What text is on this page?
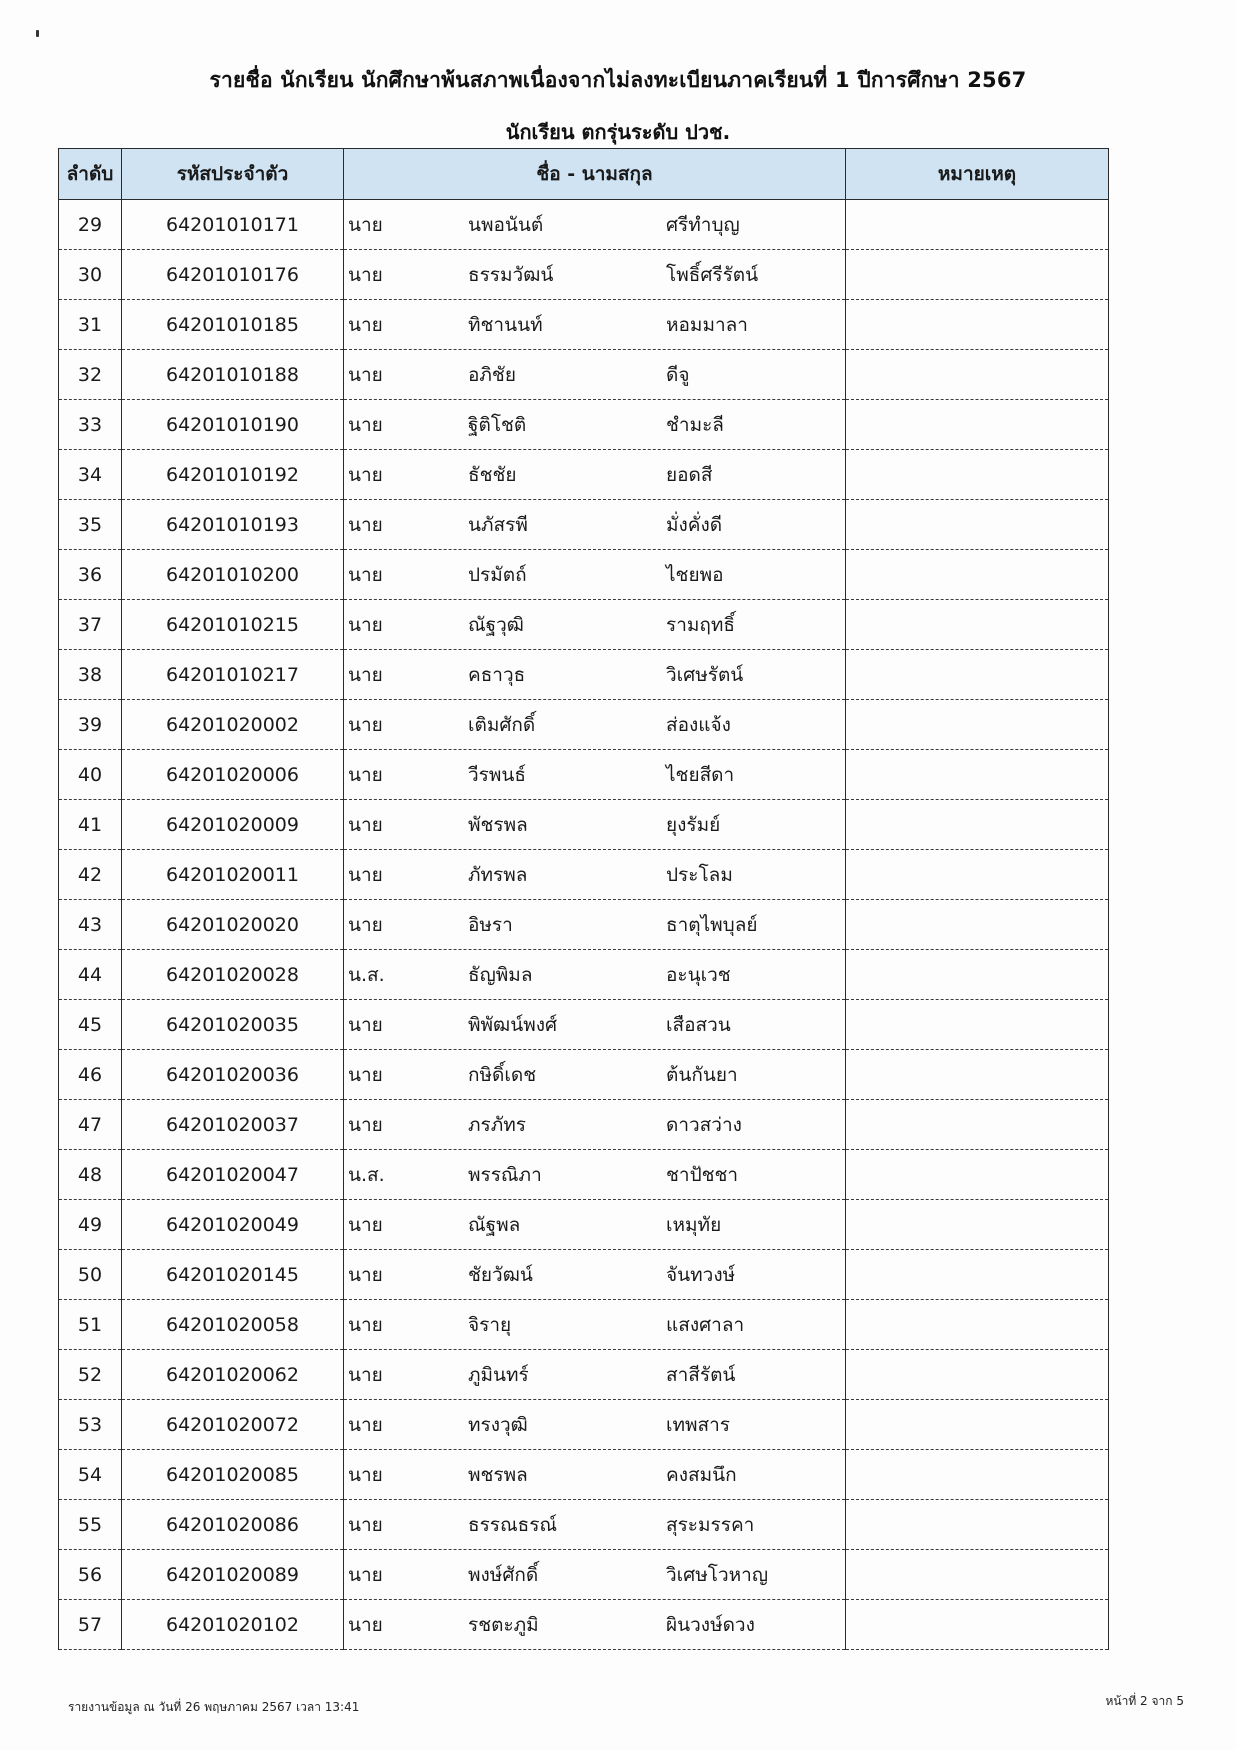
รายชื่อ นักเรียน นักศึกษาพ้นสภาพเนื่องจากไม่ลงทะเบียนภาคเรียนที่ 1 ปีการศึกษา 2567
นักเรียน ตกรุ่นระดับ ปวช.
ลำดับ	รหัสประจำตัว	ชื่อ - นามสกุล	หมายเหตุ
29	64201010171	นาย นพอนันต์ ศรีทำบุญ	

30	64201010176	นาย ธรรมวัฒน์ โพธิ์ศรีรัตน์	

31	64201010185	นาย ทิชานนท์ หอมมาลา	

32	64201010188	นาย อภิชัย ดีจู	

33	64201010190	นาย ฐิติโชติ ชำมะลี	

34	64201010192	นาย ธัชชัย ยอดสี	

35	64201010193	นาย นภัสรพี มั่งคั่งดี	

36	64201010200	นาย ปรมัตถ์ ไชยพอ	

37	64201010215	นาย ณัฐวุฒิ รามฤทธิ์	

38	64201010217	นาย คธาวุธ วิเศษรัตน์	

39	64201020002	นาย เติมศักดิ์ ส่องแจ้ง	

40	64201020006	นาย วีรพนธ์ ไชยสีดา	

41	64201020009	นาย พัชรพล ยุงรัมย์	

42	64201020011	นาย ภัทรพล ประโลม	

43	64201020020	นาย อิษรา ธาตุไพบุลย์	

44	64201020028	น.ส. ธัญพิมล อะนุเวช	

45	64201020035	นาย พิพัฒน์พงศ์ เสือสวน	

46	64201020036	นาย กษิดิ์เดช ต้นกันยา	

47	64201020037	นาย ภรภัทร ดาวสว่าง	

48	64201020047	น.ส. พรรณิภา ชาปัชชา	

49	64201020049	นาย ณัฐพล เหมุทัย	

50	64201020145	นาย ชัยวัฒน์ จันทวงษ์	

51	64201020058	นาย จิรายุ แสงศาลา	

52	64201020062	นาย ภูมินทร์ สาสีรัตน์	

53	64201020072	นาย ทรงวุฒิ เทพสาร	

54	64201020085	นาย พชรพล คงสมนึก	

55	64201020086	นาย ธรรณธรณ์ สุระมรรคา	

56	64201020089	นาย พงษ์ศักดิ์ วิเศษโวหาญ	

57	64201020102	นาย รชตะภูมิ ผินวงษ์ดวง	

รายงานข้อมูล ณ วันที่ 26 พฤษภาคม 2567 เวลา 13:41	หน้าที่ 2 จาก 5
